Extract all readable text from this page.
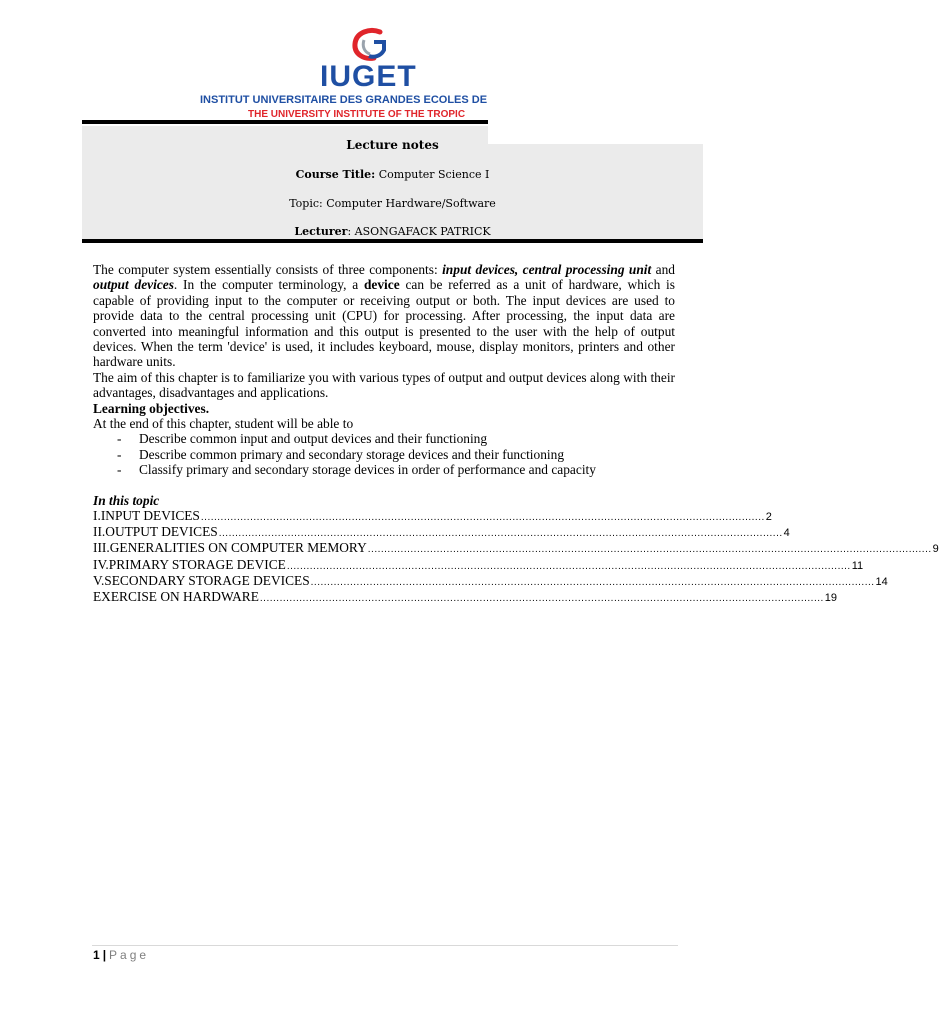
IUGET
INSTITUT UNIVERSITAIRE DES GRANDES ECOLES DE
THE UNIVERSITY INSTITUTE OF THE TROPIC
Lecture notes
Course Title: Computer Science I
Topic: Computer Hardware/Software
Lecturer: ASONGAFACK PATRICK

The computer system essentially consists of three components: input devices, central processing unit and output devices. In the computer terminology, a device can be referred as a unit of hardware, which is capable of providing input to the computer or receiving output or both. The input devices are used to provide data to the central processing unit (CPU) for processing. After processing, the input data are converted into meaningful information and this output is presented to the user with the help of output devices. When the term 'device' is used, it includes keyboard, mouse, display monitors, printers and other hardware units.

The aim of this chapter is to familiarize you with various types of output and output devices along with their advantages, disadvantages and applications.

Learning objectives.

At the end of this chapter, student will be able to

- Describe common input and output devices and their functioning
- Describe common primary and secondary storage devices and their functioning
- Classify primary and secondary storage devices in order of performance and capacity

In this topic

I. INPUT DEVICES ............................................................................................................................................................................ 2
II. OUTPUT DEVICES ............................................................................................................................................................................ 4
III. GENERALITIES ON COMPUTER MEMORY ............................................................................................................................................................................ 9
IV. PRIMARY STORAGE DEVICE ............................................................................................................................................................................ 11
V. SECONDARY STORAGE DEVICES ............................................................................................................................................................................ 14
EXERCISE ON HARDWARE ............................................................................................................................................................................ 19
1 | Page
